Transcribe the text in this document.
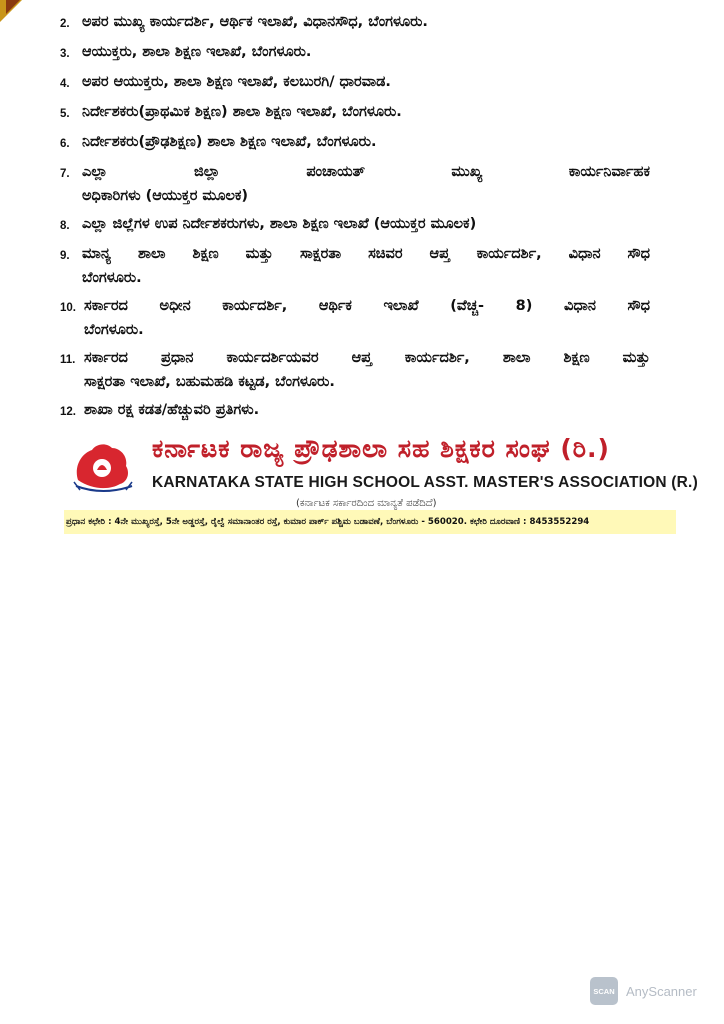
2. ಅಪರ ಮುಖ್ಯ ಕಾರ್ಯದರ್ಶಿ, ಆರ್ಥಿಕ ಇಲಾಖೆ, ವಿಧಾನಸೌಧ, ಬೆಂಗಳೂರು.
3. ಆಯುಕ್ತರು, ಶಾಲಾ ಶಿಕ್ಷಣ ಇಲಾಖೆ, ಬೆಂಗಳೂರು.
4. ಅಪರ ಆಯುಕ್ತರು, ಶಾಲಾ ಶಿಕ್ಷಣ ಇಲಾಖೆ, ಕಲಬುರಗಿ/ ಧಾರವಾಡ.
5. ನಿರ್ದೇಶಕರು(ಪ್ರಾಥಮಿಕ ಶಿಕ್ಷಣ) ಶಾಲಾ ಶಿಕ್ಷಣ ಇಲಾಖೆ, ಬೆಂಗಳೂರು.
6. ನಿರ್ದೇಶಕರು(ಪ್ರೌಢಶಿಕ್ಷಣ) ಶಾಲಾ ಶಿಕ್ಷಣ ಇಲಾಖೆ, ಬೆಂಗಳೂರು.
7. ಎಲ್ಲಾ ಜಿಲ್ಲಾ ಪಂಚಾಯತ್ ಮುಖ್ಯ ಕಾರ್ಯನಿರ್ವಾಹಕ
ಅಧಿಕಾರಿಗಳು (ಆಯುಕ್ತರ ಮೂಲಕ)
8. ಎಲ್ಲಾ ಜಿಲ್ಲೆಗಳ ಉಪ ನಿರ್ದೇಶಕರುಗಳು, ಶಾಲಾ ಶಿಕ್ಷಣ ಇಲಾಖೆ (ಆಯುಕ್ತರ ಮೂಲಕ)
9. ಮಾನ್ಯ ಶಾಲಾ ಶಿಕ್ಷಣ ಮತ್ತು ಸಾಕ್ಷರತಾ ಸಚಿವರ ಆಪ್ತ ಕಾರ್ಯದರ್ಶಿ, ವಿಧಾನ ಸೌಧ
ಬೆಂಗಳೂರು.
10. ಸರ್ಕಾರದ ಅಧೀನ ಕಾರ್ಯದರ್ಶಿ, ಆರ್ಥಿಕ ಇಲಾಖೆ (ವೆಚ್ಚ- 8) ವಿಧಾನ ಸೌಧ
ಬೆಂಗಳೂರು.
11. ಸರ್ಕಾರದ ಪ್ರಧಾನ ಕಾರ್ಯದರ್ಶಿಯವರ ಆಪ್ತ ಕಾರ್ಯದರ್ಶಿ, ಶಾಲಾ ಶಿಕ್ಷಣ ಮತ್ತು
ಸಾಕ್ಷರತಾ ಇಲಾಖೆ, ಬಹುಮಹಡಿ ಕಟ್ಟಡ, ಬೆಂಗಳೂರು.
12. ಶಾಖಾ ರಕ್ಷ ಕಡತ/ಹೆಚ್ಚುವರಿ ಪ್ರತಿಗಳು.
ಕರ್ನಾಟಕ ರಾಜ್ಯ ಪ್ರೌಢಶಾಲಾ ಸಹ ಶಿಕ್ಷಕರ ಸಂಘ (ರಿ.)
KARNATAKA STATE HIGH SCHOOL ASST. MASTER'S ASSOCIATION (R.)
(ಕರ್ನಾಟಕ ಸರ್ಕಾರದಿಂದ ಮಾನ್ಯತೆ ಪಡೆದಿದೆ)
ಪ್ರಧಾನ ಕಛೇರಿ : 4ನೇ ಮುಖ್ಯರಸ್ತೆ, 5ನೇ ಅಡ್ಡರಸ್ತೆ, ರೈಲ್ವೆ ಸಮಾನಾಂತರ ರಸ್ತೆ, ಕುಮಾರ ಪಾರ್ಕ್ ಪಶ್ಚಿಮ ಬಡಾವಣೆ, ಬೆಂಗಳೂರು - 560020. ಕಛೇರಿ ದೂರವಾಣಿ : 8453552294
SCAN AnyScanner
